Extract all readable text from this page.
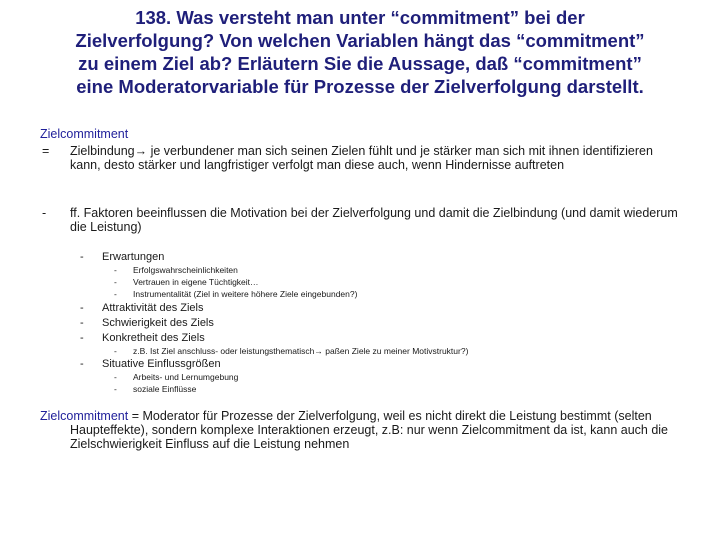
138. Was versteht man unter “commitment” bei der
Zielverfolgung? Von welchen Variablen hängt das “commitment”
zu einem Ziel ab? Erläutern Sie die Aussage, daß “commitment”
eine Moderatorvariable für Prozesse der Zielverfolgung darstellt.
Zielcommitment
= Zielbindung→ je verbundener man sich seinen Zielen fühlt und je stärker man sich mit ihnen identifizieren kann, desto stärker und langfristiger verfolgt man diese auch, wenn Hindernisse auftreten
- ff. Faktoren beeinflussen die Motivation bei der Zielverfolgung und damit die Zielbindung (und damit wiederum die Leistung)
- Erwartungen
- Erfolgswahrscheinlichkeiten
- Vertrauen in eigene Tüchtigkeit…
- Instrumentalität (Ziel in weitere höhere Ziele eingebunden?)
- Attraktivität des Ziels
- Schwierigkeit des Ziels
- Konkretheit des Ziels
- z.B. Ist Ziel anschluss- oder leistungsthematisch→ paßen Ziele zu meiner Motivstruktur?)
- Situative Einflussgrößen
- Arbeits- und Lernumgebung
- soziale Einflüsse
Zielcommitment = Moderator für Prozesse der Zielverfolgung, weil es nicht direkt die Leistung bestimmt (selten Haupteffekte), sondern komplexe Interaktionen erzeugt, z.B: nur wenn Zielcommitment da ist, kann auch die Zielschwierigkeit Einfluss auf die Leistung nehmen
